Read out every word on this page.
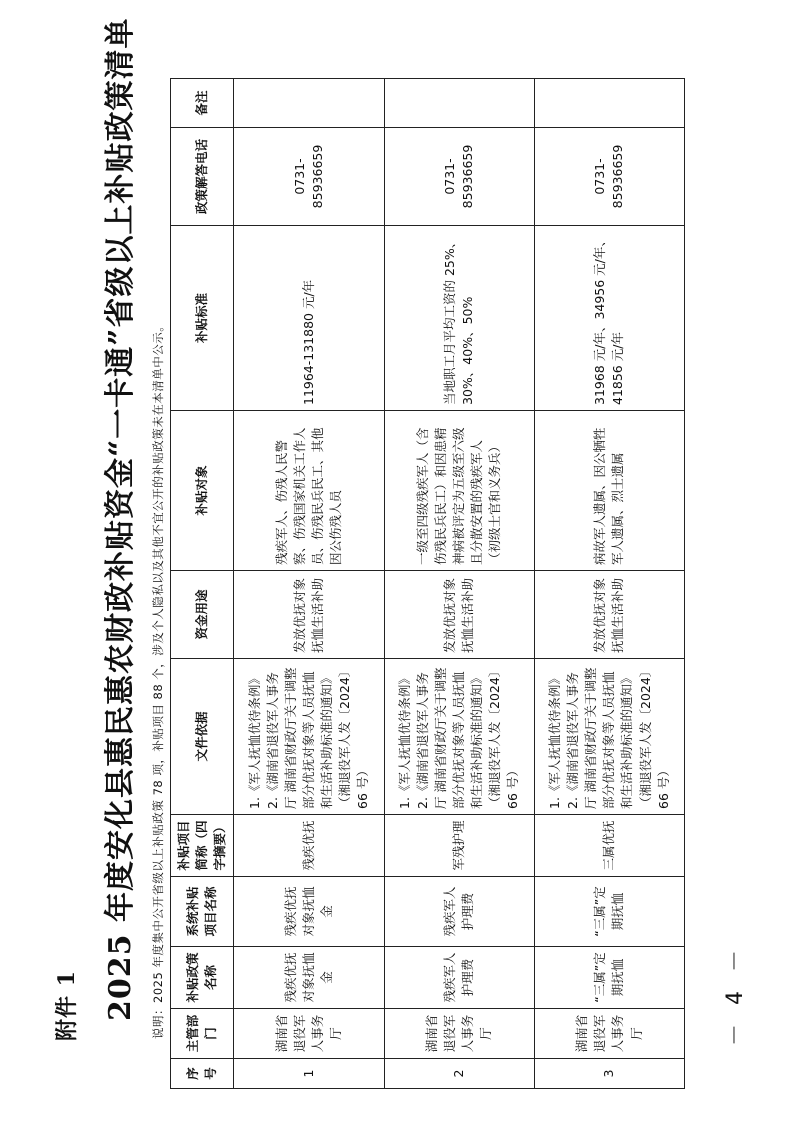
附件 1 2025 年度安化县惠民惠农财政补贴资金“一卡通”省级以上补贴政策清单 说明：2025 年度集中公开省级以上补贴政策 78 项，补贴项目 88 个，涉及个人隐私以及其他不宜公开的补贴政策未在本清单中公示。
序号	主管部门	补贴政策名称	系统补贴项目名称	补贴项目简称（四字摘要）	文件依据	资金用途	补贴对象	补贴标准	政策解答电话	备注
1	湖南省退役军人事务厅	残疾优抚对象抚恤金	残疾优抚对象抚恤金	残疾优抚	1.《军人抚恤优待条例》 2.《湖南省退役军人事务厅 湖南省财政厅关于调整部分优抚对象等人员抚恤和生活补助标准的通知》（湘退役军人发〔2024〕66 号）	发放优抚对象抚恤生活补助	残疾军人、伤残人民警察、伤残国家机关工作人员、伤残民兵民工、其他因公伤残人员	11964-131880 元/年	0731-85936659	
2	湖南省退役军人事务厅	残疾军人护理费	残疾军人护理费	军残护理	1.《军人抚恤优待条例》 2.《湖南省退役军人事务厅 湖南省财政厅关于调整部分优抚对象等人员抚恤和生活补助标准的通知》（湘退役军人发〔2024〕66 号）	发放优抚对象抚恤生活补助	一级至四级残疾军人（含伤残民兵民工）和因患精神病被评定为五级至六级且分散安置的残疾军人（初级士官和义务兵）	当地职工月平均工资的 25%、30%、40%、50%	0731-85936659	
3	湖南省退役军人事务厅	“三属”定期抚恤	“三属”定期抚恤	三属优抚	1.《军人抚恤优待条例》 2.《湖南省退役军人事务厅 湖南省财政厅关于调整部分优抚对象等人员抚恤和生活补助标准的通知》（湘退役军人发〔2024〕66 号）	发放优抚对象抚恤生活补助	病故军人遗属、因公牺牲军人遗属、烈士遗属	31968 元/年、34956 元/年、41856 元/年	0731-85936659	
－ 4 －
